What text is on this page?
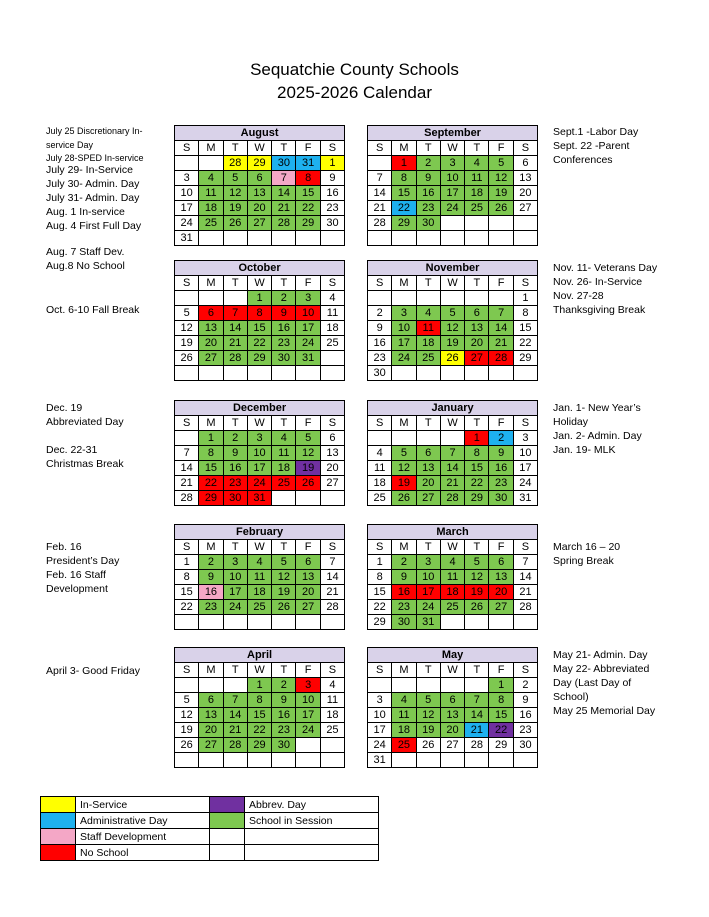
Sequatchie County Schools
2025-2026 Calendar
August						
S	M	T	W	T	F	S
		28	29	30	31	1
3	4	5	6	7	8	9
10	11	12	13	14	15	16
17	18	19	20	21	22	23
24	25	26	27	28	29	30
31						
September						
S	M	T	W	T	F	S
	1	2	3	4	5	6
7	8	9	10	11	12	13
14	15	16	17	18	19	20
21	22	23	24	25	26	27
28	29	30				

October						
S	M	T	W	T	F	S
			1	2	3	4
5	6	7	8	9	10	11
12	13	14	15	16	17	18
19	20	21	22	23	24	25
26	27	28	29	30	31	

November						
S	M	T	W	T	F	S
						1
2	3	4	5	6	7	8
9	10	11	12	13	14	15
16	17	18	19	20	21	22
23	24	25	26	27	28	29
30						
December						
S	M	T	W	T	F	S
	1	2	3	4	5	6
7	8	9	10	11	12	13
14	15	16	17	18	19	20
21	22	23	24	25	26	27
28	29	30	31			
January						
S	M	T	W	T	F	S
				1	2	3
4	5	6	7	8	9	10
11	12	13	14	15	16	17
18	19	20	21	22	23	24
25	26	27	28	29	30	31
February						
S	M	T	W	T	F	S
1	2	3	4	5	6	7
8	9	10	11	12	13	14
15	16	17	18	19	20	21
22	23	24	25	26	27	28

March						
S	M	T	W	T	F	S
1	2	3	4	5	6	7
8	9	10	11	12	13	14
15	16	17	18	19	20	21
22	23	24	25	26	27	28
29	30	31				
April						
S	M	T	W	T	F	S
			1	2	3	4
5	6	7	8	9	10	11
12	13	14	15	16	17	18
19	20	21	22	23	24	25
26	27	28	29	30		

May						
S	M	T	W	T	F	S
					1	2
3	4	5	6	7	8	9
10	11	12	13	14	15	16
17	18	19	20	21	22	23
24	25	26	27	28	29	30
31						
July 25 Discretionary In-
service Day
July 28-SPED In-service
July 29- In-Service
July 30- Admin. Day
July 31- Admin. Day
Aug. 1 In-service
Aug. 4 First Full Day
Aug. 7 Staff Dev.
Aug.8 No School
Sept.1 -Labor Day
Sept. 22 -Parent
Conferences
Oct. 6-10 Fall Break
Nov. 11- Veterans Day
Nov. 26- In-Service
Nov. 27-28
Thanksgiving Break
Dec. 19
Abbreviated Day
Dec. 22-31
Christmas Break
Jan. 1- New Year’s
Holiday
Jan. 2- Admin. Day
Jan. 19- MLK
Feb. 16
President’s Day
Feb. 16 Staff
Development
March 16 – 20
Spring Break
April 3- Good Friday
May 21- Admin. Day
May 22- Abbreviated
Day (Last Day of
School)
May 25 Memorial Day
	In-Service		Abbrev. Day
	Administrative Day		School in Session
	Staff Development		
	No School		
